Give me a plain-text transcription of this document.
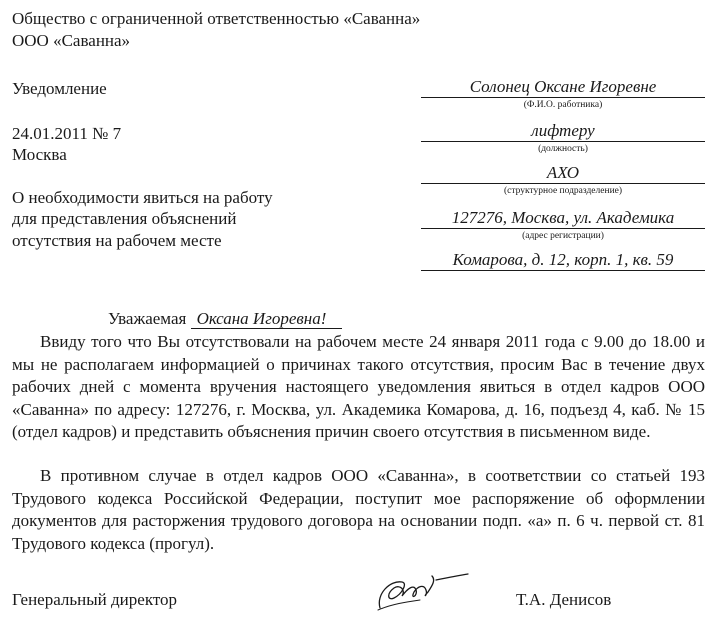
Общество с ограниченной ответственностью «Саванна»
ООО «Саванна»
Уведомление
24.01.2011 № 7
Москва
О необходимости явиться на работу
для представления объяснений
отсутствия на рабочем месте
Солонец Оксане Игоревне
(Ф.И.О. работника)
лифтеру
(должность)
АХО
(структурное подразделение)
127276, Москва, ул. Академика
(адрес регистрации)
Комарова, д. 12, корп. 1, кв. 59
Уважаемая Оксана Игоревна!
Ввиду того что Вы отсутствовали на рабочем месте 24 января 2011 года с 9.00 до 18.00 и мы не располагаем информацией о причинах такого отсутствия, просим Вас в течение двух рабочих дней с момента вручения настоящего уведомления явиться в отдел кадров ООО «Саванна» по адресу: 127276, г. Москва, ул. Академика Комарова, д. 16, подъезд 4, каб. № 15 (отдел кадров) и представить объяснения причин своего отсутствия в письменном виде.
В противном случае в отдел кадров ООО «Саванна», в соответствии со статьей 193 Трудового кодекса Российской Федерации, поступит мое распоряжение об оформлении документов для расторжения трудового договора на основании подп. «а» п. 6 ч. первой ст. 81 Трудового кодекса (прогул).
Генеральный директор	Т.А. Денисов
